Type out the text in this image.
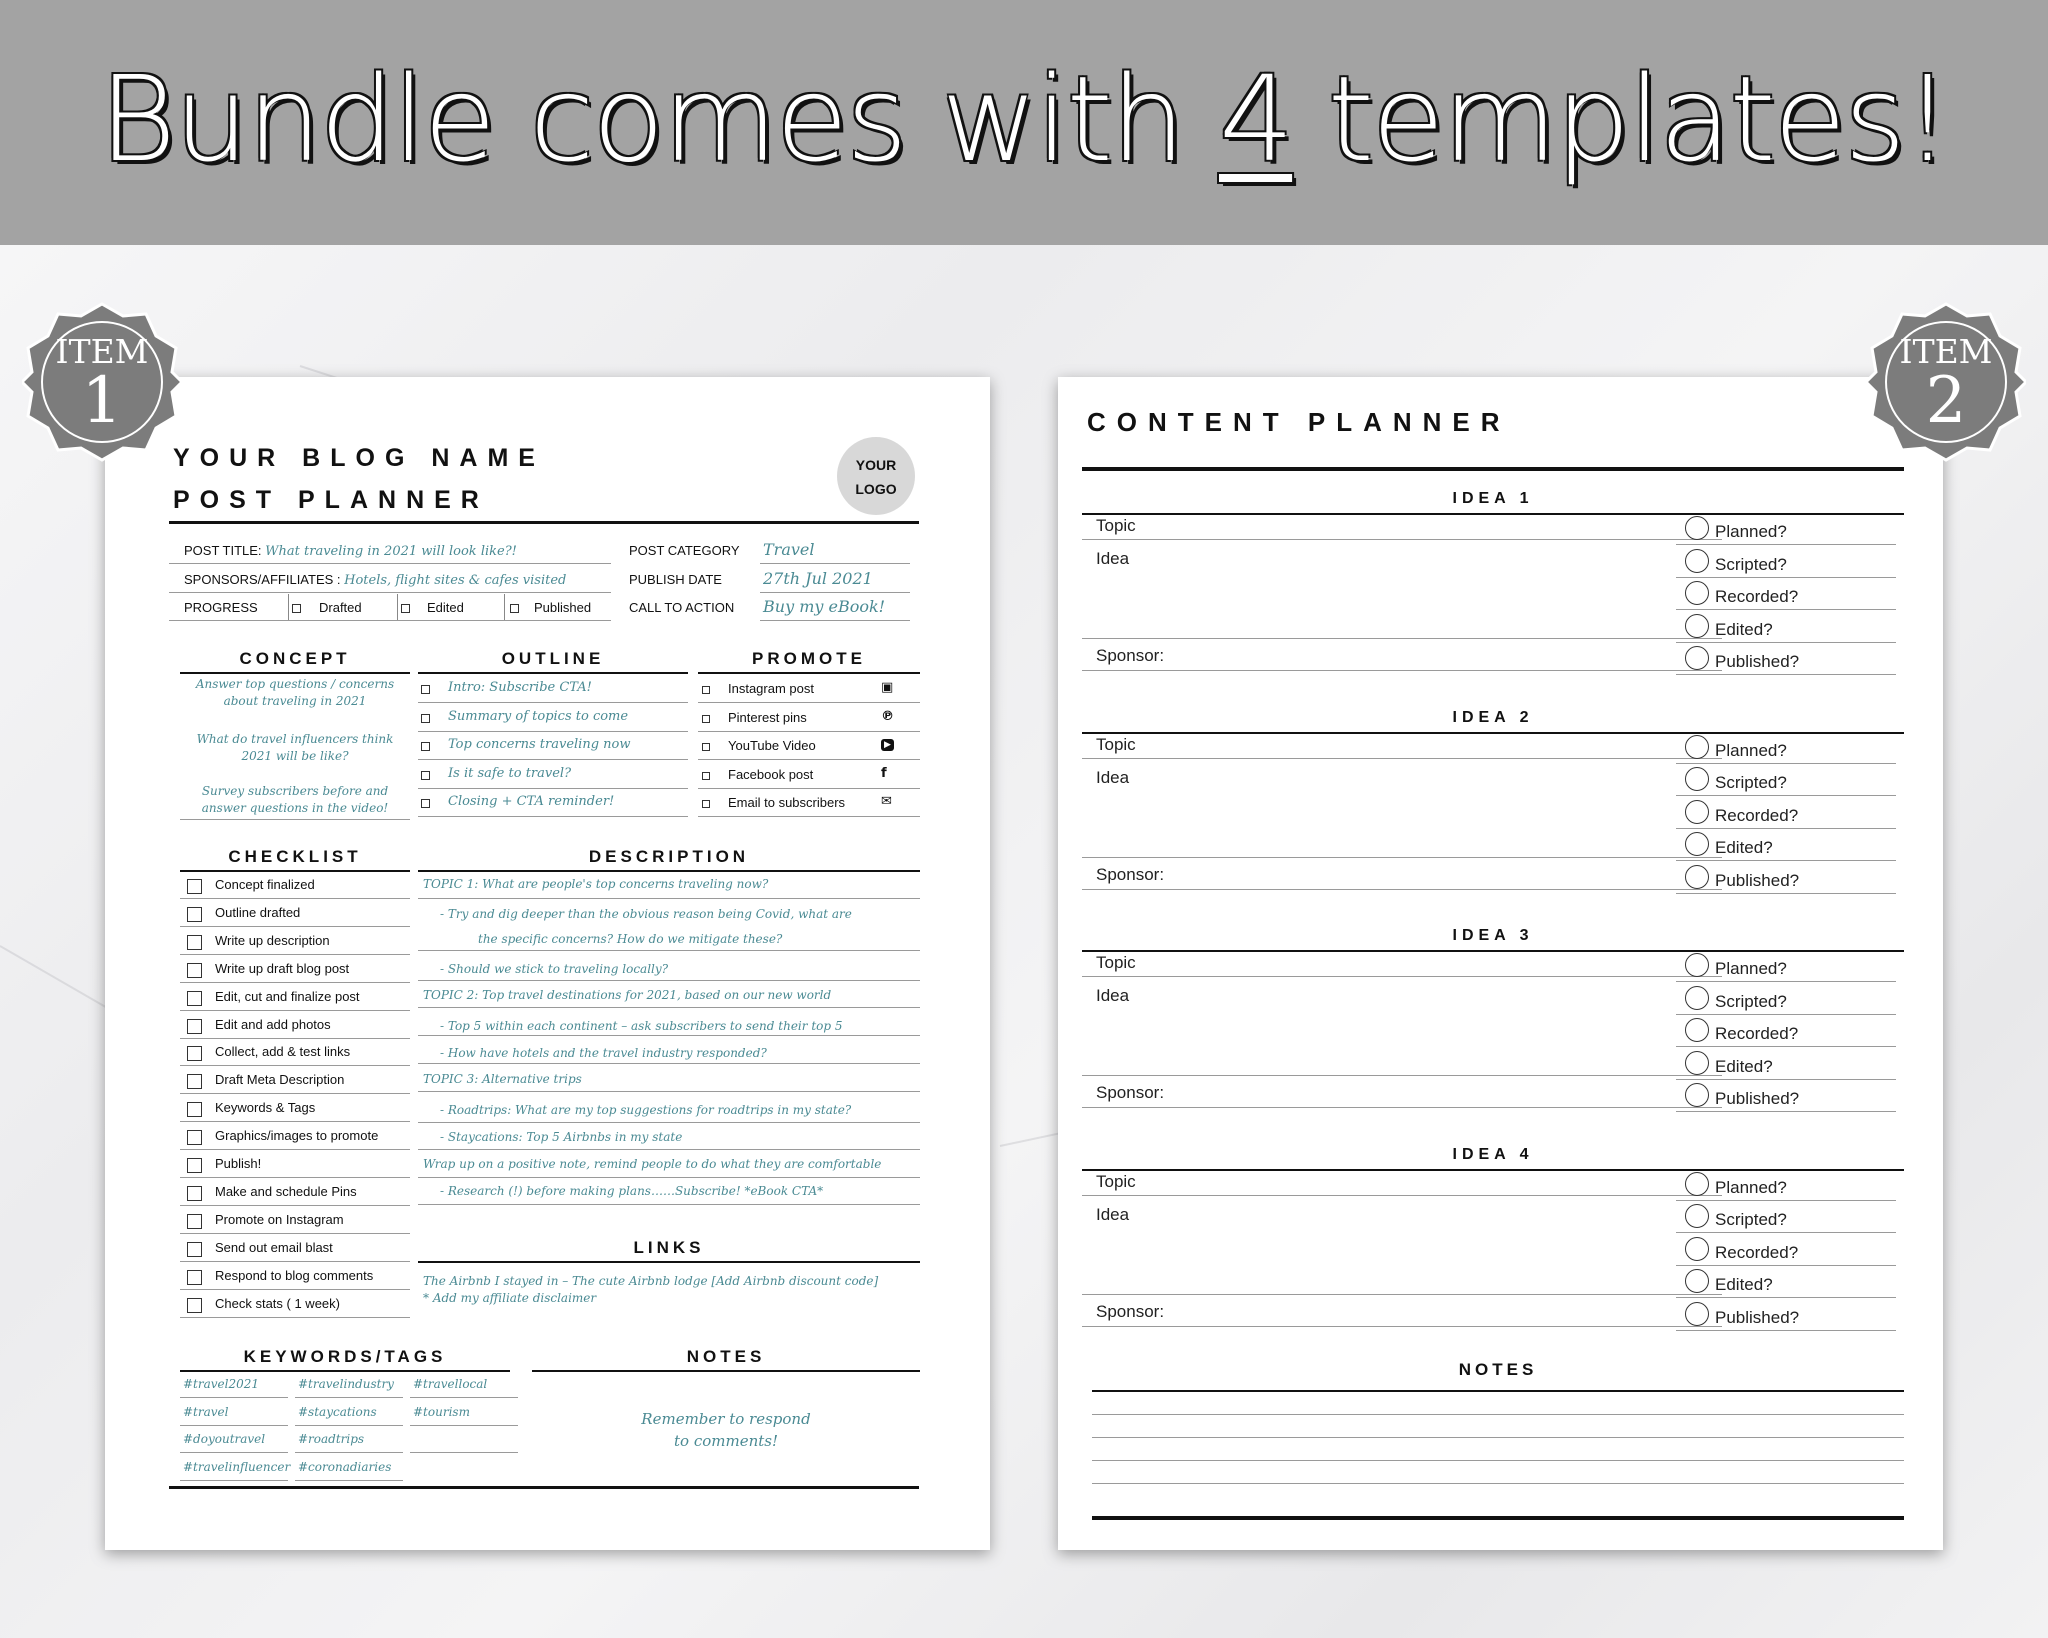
Bundle comes with 4 templates!
YOUR BLOG NAME
POST PLANNER
YOUR
LOGO
POST TITLE: What traveling in 2021 will look like?!
SPONSORS/AFFILIATES : Hotels, flight sites & cafes visited
PROGRESS	Drafted	Edited	Published
POST CATEGORY Travel
PUBLISH DATE	27th Jul 2021
CALL TO ACTION Buy my eBook!
CONCEPT
Answer top questions / concerns
about traveling in 2021
What do travel influencers think
2021 will be like?
Survey subscribers before and
answer questions in the video!
OUTLINE	PROMOTE
CHECKLIST	DESCRIPTION
LINKS
The Airbnb I stayed in – The cute Airbnb lodge [Add Airbnb discount code]
* Add my affiliate disclaimer
KEYWORDS/TAGS	NOTES
Remember to respond
to comments!
Intro: Subscribe CTA!
Summary of topics to come
Top concerns traveling now
Is it safe to travel?
Closing + CTA reminder!
Instagram post	▣
Pinterest pins	℗
YouTube Video	▶
Facebook post	f
Email to subscribers	✉
Concept finalized
Outline drafted
Write up description
Write up draft blog post
Edit, cut and finalize post
Edit and add photos
Collect, add & test links
Draft Meta Description
Keywords & Tags
Graphics/images to promote
Publish!
Make and schedule Pins
Promote on Instagram
Send out email blast
Respond to blog comments
Check stats ( 1 week)
TOPIC 1: What are people's top concerns traveling now?
- Try and dig deeper than the obvious reason being Covid, what are
the specific concerns? How do we mitigate these?
- Should we stick to traveling locally?
TOPIC 2: Top travel destinations for 2021, based on our new world
- Top 5 within each continent – ask subscribers to send their top 5
- How have hotels and the travel industry responded?
TOPIC 3: Alternative trips
- Roadtrips: What are my top suggestions for roadtrips in my state?
- Staycations: Top 5 Airbnbs in my state
Wrap up on a positive note, remind people to do what they are comfortable
- Research (!) before making plans……Subscribe! *eBook CTA*
#travel2021	#travelindustry #travellocal
#travel	#staycations	#tourism
#doyoutravel	#roadtrips
#travelinfluencer #coronadiaries
CONTENT PLANNER
NOTES
IDEA 1
Topic
Idea
Sponsor:
Planned?
Scripted?
Recorded?
Edited?
Published?
IDEA 2
Topic
Idea
Sponsor:
Planned?
Scripted?
Recorded?
Edited?
Published?
IDEA 3
Topic
Idea
Sponsor:
Planned?
Scripted?
Recorded?
Edited?
Published?
IDEA 4
Topic
Idea
Sponsor:
Planned?
Scripted?
Recorded?
Edited?
Published?
ITEM
1
ITEM
2
